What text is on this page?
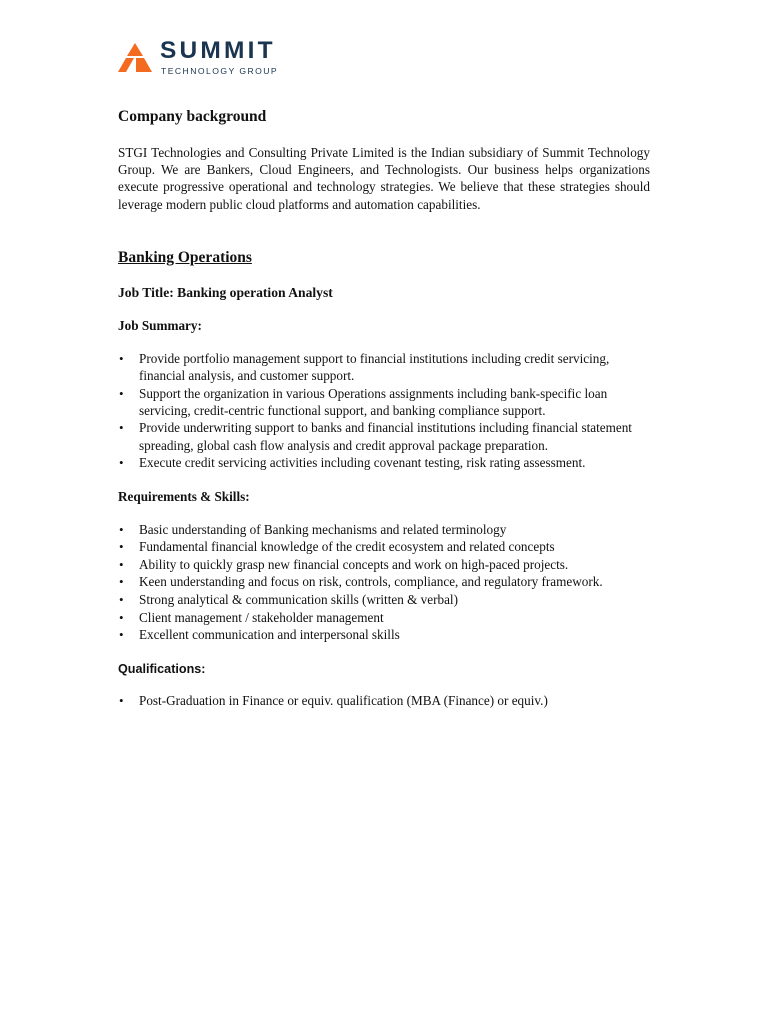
SUMMIT
TECHNOLOGY GROUP
Company background

STGI Technologies and Consulting Private Limited is the Indian subsidiary of Summit Technology Group. We are Bankers, Cloud Engineers, and Technologists. Our business helps organizations execute progressive operational and technology strategies. We believe that these strategies should leverage modern public cloud platforms and automation capabilities.

Banking Operations
Job Title: Banking operation Analyst
Job Summary:
• Provide portfolio management support to financial institutions including credit servicing, financial analysis, and customer support.
• Support the organization in various Operations assignments including bank-specific loan servicing, credit-centric functional support, and banking compliance support.
• Provide underwriting support to banks and financial institutions including financial statement spreading, global cash flow analysis and credit approval package preparation.
• Execute credit servicing activities including covenant testing, risk rating assessment.
Requirements & Skills:
• Basic understanding of Banking mechanisms and related terminology
• Fundamental financial knowledge of the credit ecosystem and related concepts
• Ability to quickly grasp new financial concepts and work on high-paced projects.
• Keen understanding and focus on risk, controls, compliance, and regulatory framework.
• Strong analytical & communication skills (written & verbal)
• Client management / stakeholder management
• Excellent communication and interpersonal skills
Qualifications:
• Post-Graduation in Finance or equiv. qualification (MBA (Finance) or equiv.)
